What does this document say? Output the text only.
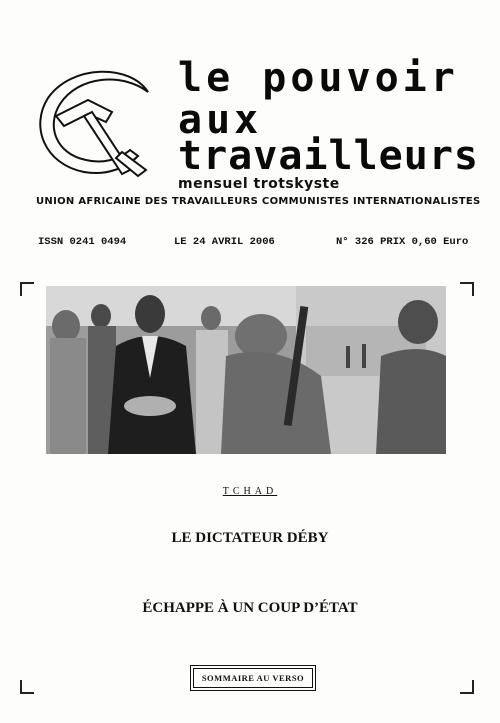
le pouvoir
aux
travailleurs
mensuel trotskyste
UNION AFRICAINE DES TRAVAILLEURS COMMUNISTES INTERNATIONALISTES
ISSN 0241 0494	LE 24 AVRIL 2006	N° 326 PRIX 0,60 Euro
TCHAD
LE DICTATEUR DÉBY
ÉCHAPPE À UN COUP D’ÉTAT
SOMMAIRE AU VERSO
